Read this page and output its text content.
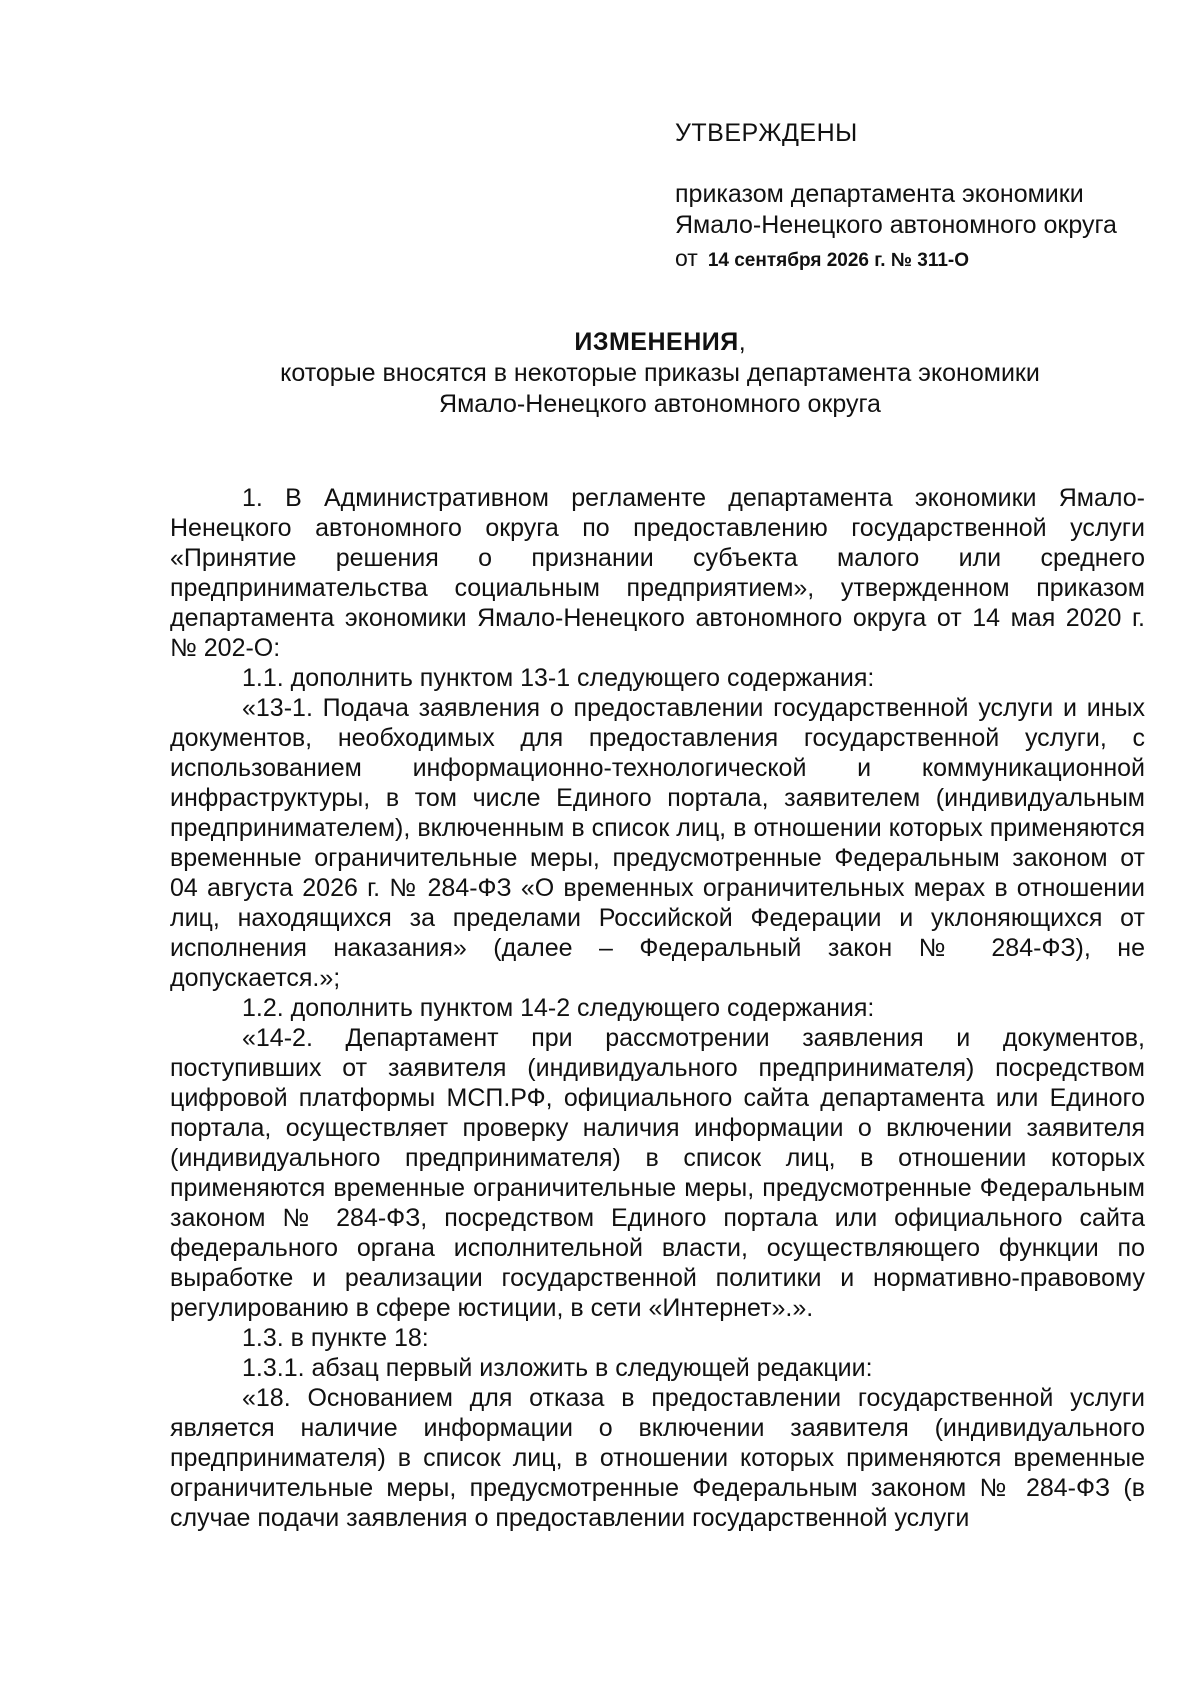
УТВЕРЖДЕНЫ
приказом департамента экономики
Ямало-Ненецкого автономного округа
от 14 сентября 2026 г. № 311-О
ИЗМЕНЕНИЯ,
которые вносятся в некоторые приказы департамента экономики
Ямало-Ненецкого автономного округа

1. В Административном регламенте департамента экономики Ямало-Ненецкого автономного округа по предоставлению государственной услуги «Принятие решения о признании субъекта малого или среднего предпринимательства социальным предприятием», утвержденном приказом департамента экономики Ямало-Ненецкого автономного округа от 14 мая 2020 г. № 202-О:

1.1. дополнить пунктом 13-1 следующего содержания:

«13-1. Подача заявления о предоставлении государственной услуги и иных документов, необходимых для предоставления государственной услуги, с использованием информационно-технологической и коммуникационной инфраструктуры, в том числе Единого портала, заявителем (индивидуальным предпринимателем), включенным в список лиц, в отношении которых применяются временные ограничительные меры, предусмотренные Федеральным законом от 04 августа 2026 г. № 284-ФЗ «О временных ограничительных мерах в отношении лиц, находящихся за пределами Российской Федерации и уклоняющихся от исполнения наказания» (далее – Федеральный закон № 284-ФЗ), не допускается.»;

1.2. дополнить пунктом 14-2 следующего содержания:

«14-2. Департамент при рассмотрении заявления и документов, поступивших от заявителя (индивидуального предпринимателя) посредством цифровой платформы МСП.РФ, официального сайта департамента или Единого портала, осуществляет проверку наличия информации о включении заявителя (индивидуального предпринимателя) в список лиц, в отношении которых применяются временные ограничительные меры, предусмотренные Федеральным законом № 284-ФЗ, посредством Единого портала или официального сайта федерального органа исполнительной власти, осуществляющего функции по выработке и реализации государственной политики и нормативно-правовому регулированию в сфере юстиции, в сети «Интернет».».

1.3. в пункте 18:

1.3.1. абзац первый изложить в следующей редакции:

«18. Основанием для отказа в предоставлении государственной услуги является наличие информации о включении заявителя (индивидуального предпринимателя) в список лиц, в отношении которых применяются временные ограничительные меры, предусмотренные Федеральным законом № 284-ФЗ (в случае подачи заявления о предоставлении государственной услуги
